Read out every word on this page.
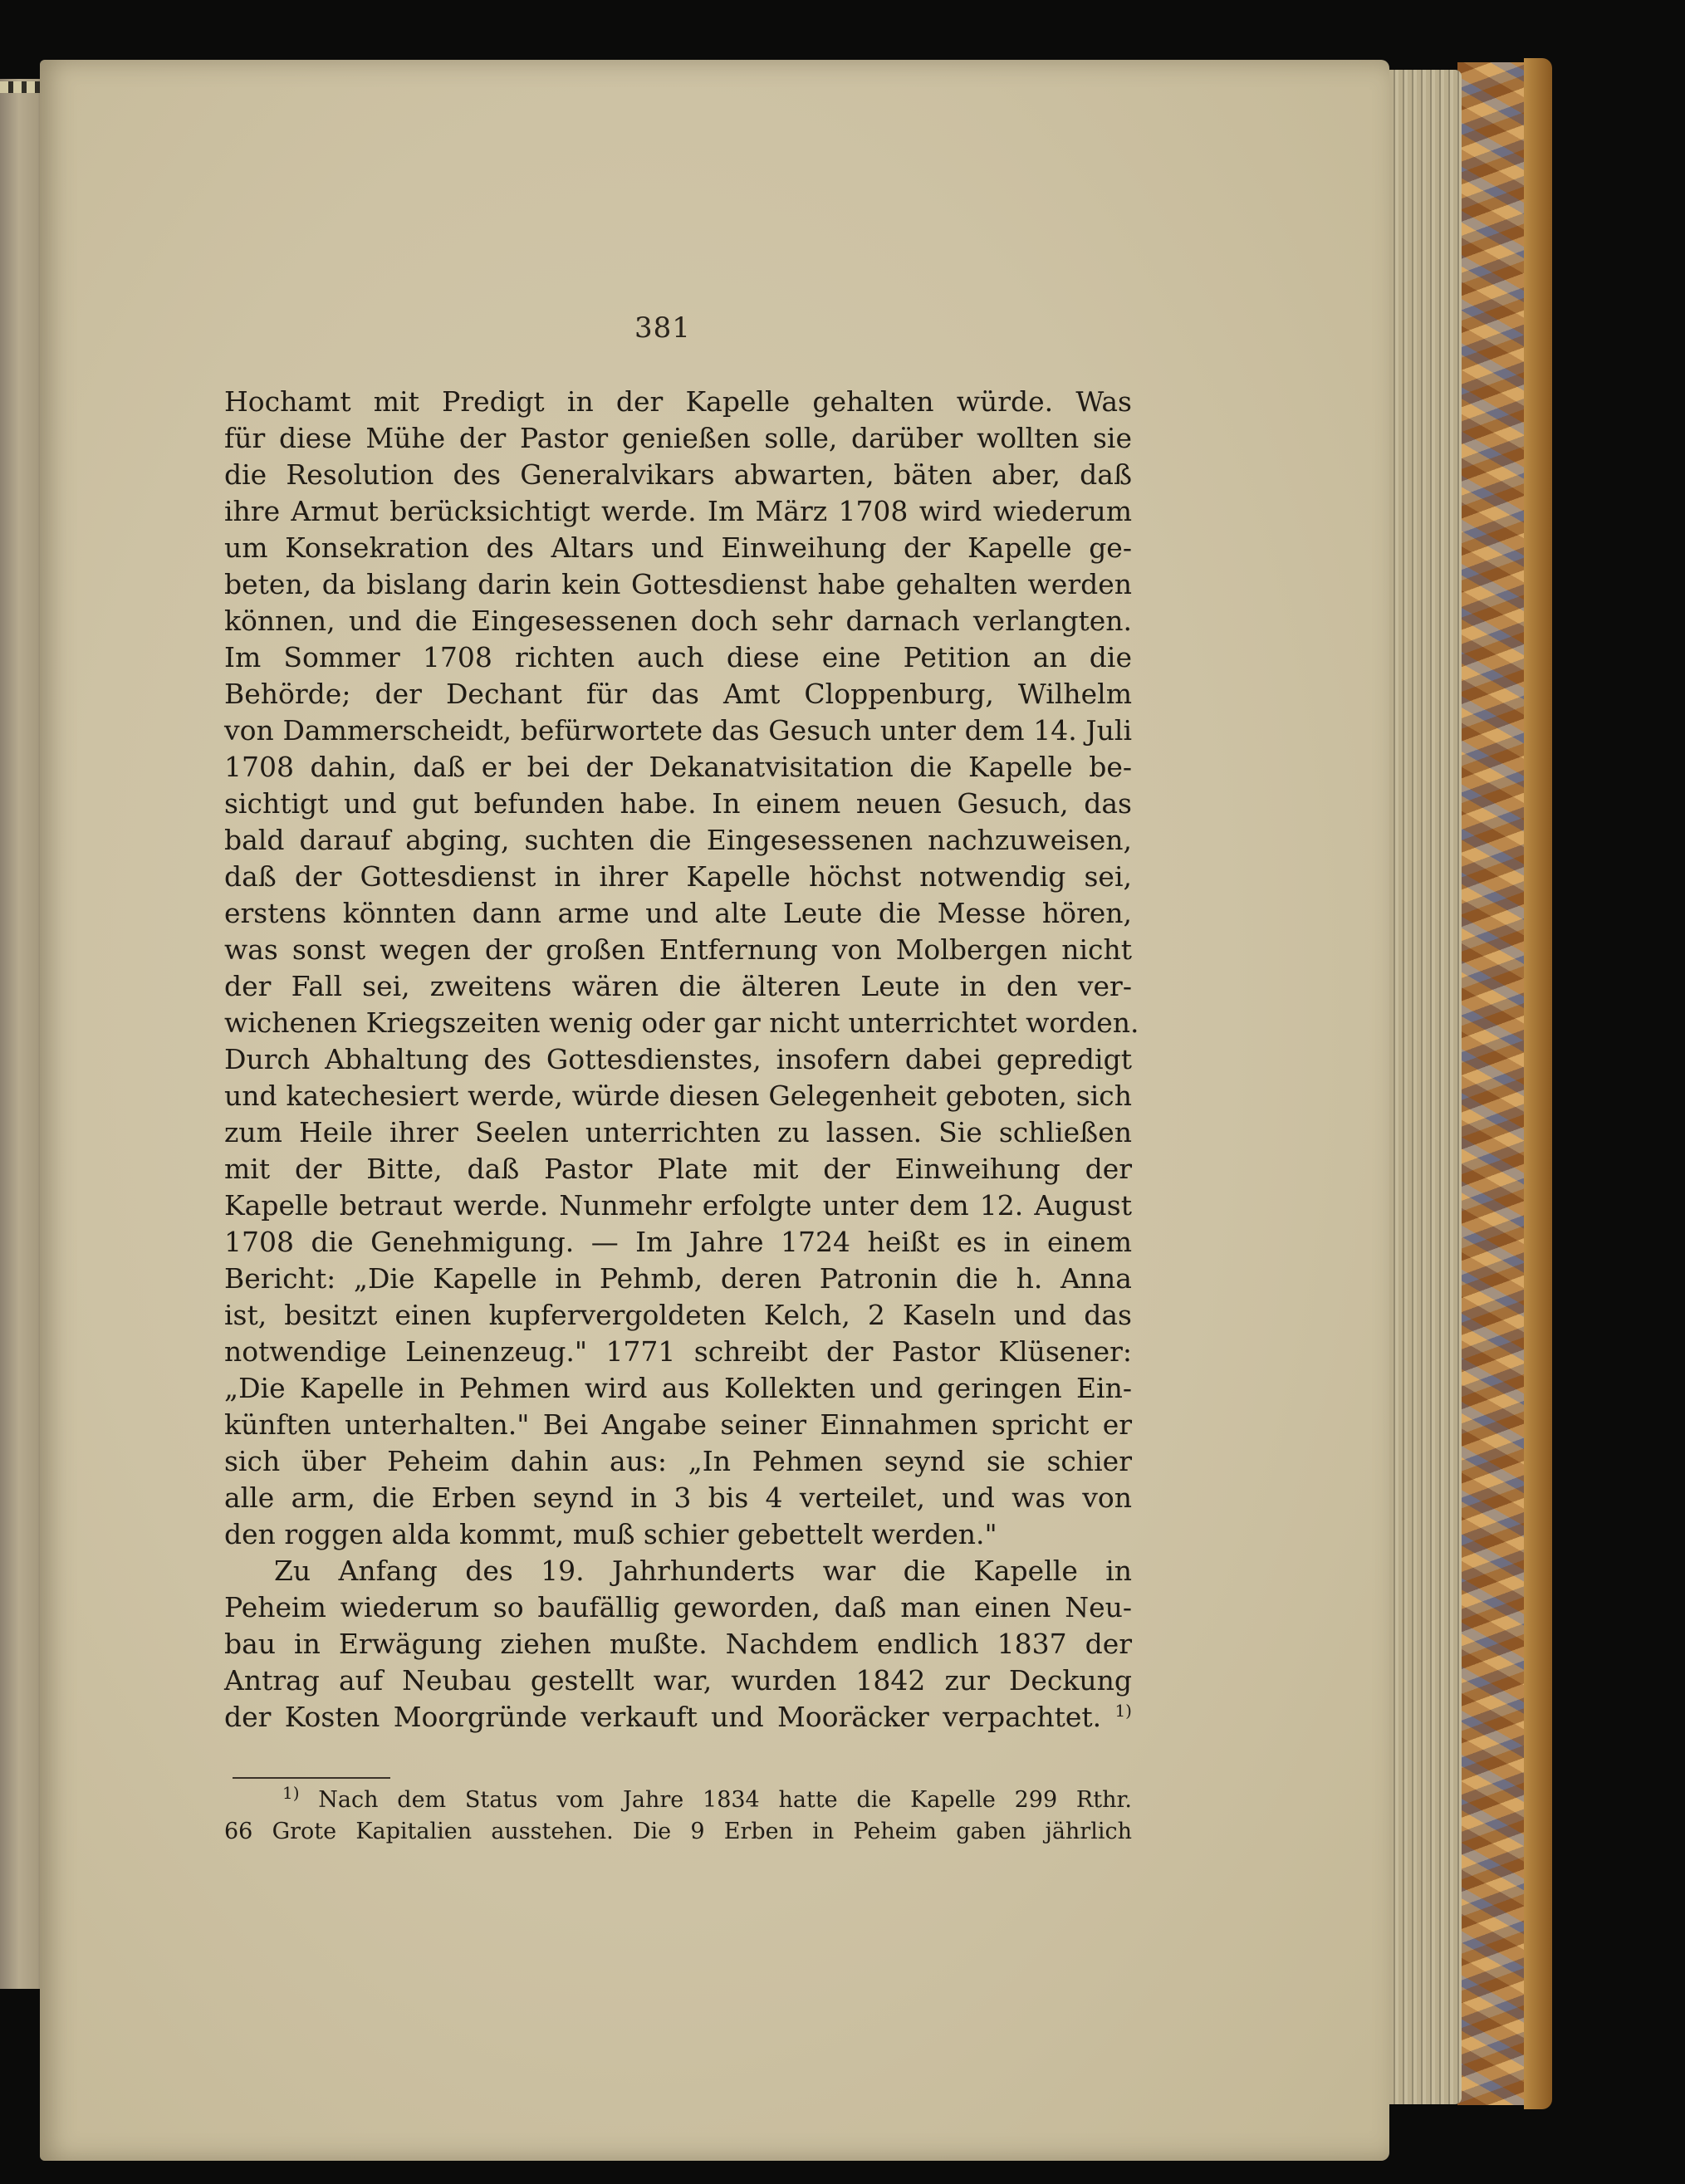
381
Hochamt mit Predigt in der Kapelle gehalten würde. Was
für diese Mühe der Pastor genießen solle, darüber wollten sie
die Resolution des Generalvikars abwarten, bäten aber, daß
ihre Armut berücksichtigt werde. Im März 1708 wird wiederum
um Konsekration des Altars und Einweihung der Kapelle ge-
beten, da bislang darin kein Gottesdienst habe gehalten werden
können, und die Eingesessenen doch sehr darnach verlangten.
Im Sommer 1708 richten auch diese eine Petition an die
Behörde; der Dechant für das Amt Cloppenburg, Wilhelm
von Dammerscheidt, befürwortete das Gesuch unter dem 14. Juli
1708 dahin, daß er bei der Dekanatvisitation die Kapelle be-
sichtigt und gut befunden habe. In einem neuen Gesuch, das
bald darauf abging, suchten die Eingesessenen nachzuweisen,
daß der Gottesdienst in ihrer Kapelle höchst notwendig sei,
erstens könnten dann arme und alte Leute die Messe hören,
was sonst wegen der großen Entfernung von Molbergen nicht
der Fall sei, zweitens wären die älteren Leute in den ver-
wichenen Kriegszeiten wenig oder gar nicht unterrichtet worden.
Durch Abhaltung des Gottesdienstes, insofern dabei gepredigt
und katechesiert werde, würde diesen Gelegenheit geboten, sich
zum Heile ihrer Seelen unterrichten zu lassen. Sie schließen
mit der Bitte, daß Pastor Plate mit der Einweihung der
Kapelle betraut werde. Nunmehr erfolgte unter dem 12. August
1708 die Genehmigung. — Im Jahre 1724 heißt es in einem
Bericht: „Die Kapelle in Pehmb, deren Patronin die h. Anna
ist, besitzt einen kupfervergoldeten Kelch, 2 Kaseln und das
notwendige Leinenzeug." 1771 schreibt der Pastor Klüsener:
„Die Kapelle in Pehmen wird aus Kollekten und geringen Ein-
künften unterhalten." Bei Angabe seiner Einnahmen spricht er
sich über Peheim dahin aus: „In Pehmen seynd sie schier
alle arm, die Erben seynd in 3 bis 4 verteilet, und was von
den roggen alda kommt, muß schier gebettelt werden."
Zu Anfang des 19. Jahrhunderts war die Kapelle in
Peheim wiederum so baufällig geworden, daß man einen Neu-
bau in Erwägung ziehen mußte. Nachdem endlich 1837 der
Antrag auf Neubau gestellt war, wurden 1842 zur Deckung
der Kosten Moorgründe verkauft und Mooräcker verpachtet. $^{1)}$
$^{1)}$ Nach dem Status vom Jahre 1834 hatte die Kapelle 299 Rthr.
66 Grote Kapitalien ausstehen. Die 9 Erben in Peheim gaben jährlich
